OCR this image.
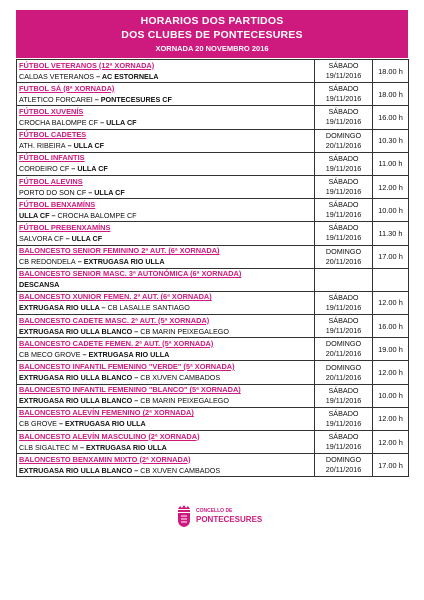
HORARIOS DOS PARTIDOS
DOS CLUBES DE PONTECESURES
XORNADA 20 NOVEMBRO 2016
FÚTBOL VETERANOS (12ª XORNADA)
CALDAS VETERANOS – AC ESTORNELA	SÁBADO
19/11/2016	18.00 h

FUTBOL SÁ (8ª XORNADA)
ATLETICO FORCAREI – PONTECESURES CF	SÁBADO
19/11/2016	18.00 h

FÚTBOL XUVENÍS
CROCHA BALOMPE CF – ULLA CF	SÁBADO
19/11/2016	16.00 h

FÚTBOL CADETES
ATH. RIBEIRA – ULLA CF	DOMINGO
20/11/2016	10.30 h

FÚTBOL INFANTIS
CORDEIRO CF – ULLA CF	SÁBADO
19/11/2016	11.00 h

FÚTBOL ALEVINS
PORTO DO SON CF – ULLA CF	SÁBADO
19/11/2016	12.00 h

FÚTBOL BENXAMÍNS
ULLA CF – CROCHA BALOMPE CF	SÁBADO
19/11/2016	10.00 h

FÚTBOL PREBENXAMÍNS
SALVORA CF – ULLA CF	SÁBADO
19/11/2016	11.30 h

BALONCESTO SENIOR FEMININO 2ª AUT. (6ª XORNADA)
CB REDONDELA – EXTRUGASA RIO ULLA	DOMINGO
20/11/2016	17.00 h

BALONCESTO SENIOR MASC. 3ª AUTONÓMICA (6ª XORNADA)
DESCANSA		

BALONCESTO XUNIOR FEMEN. 2ª AUT. (6ª XORNADA)
EXTRUGASA RIO ULLA – CB LASALLE SANTIAGO	SÁBADO
19/11/2016	12.00 h

BALONCESTO CADETE MASC. 2ª AUT. (5ª XORNADA)
EXTRUGASA RIO ULLA BLANCO – CB MARIN PEIXEGALEGO	SÁBADO
19/11/2016	16.00 h

BALONCESTO CADETE FEMEN. 2ª AUT. (5ª XORNADA)
CB MECO GROVE – EXTRUGASA RIO ULLA	DOMINGO
20/11/2016	19.00 h

BALONCESTO INFANTIL FEMENINO "VERDE" (5ª XORNADA)
EXTRUGASA RIO ULLA BLANCO – CB XUVEN CAMBADOS	DOMINGO
20/11/2016	12.00 h

BALONCESTO INFANTIL FEMENINO "BLANCO" (5ª XORNADA)
EXTRUGASA RIO ULLA BLANCO – CB MARIN PEIXEGALEGO	SÁBADO
19/11/2016	10.00 h

BALONCESTO ALEVÍN FEMENINO (2ª XORNADA)
CB GROVE – EXTRUGASA RIO ULLA	SÁBADO
19/11/2016	12.00 h

BALONCESTO ALEVÍN MASCULINO (2ª XORNADA)
CLB SIGALTEC M – EXTRUGASA RIO ULLA	SÁBADO
19/11/2016	12.00 h

BALONCESTO BENXAMIN MIXTO (2ª XORNADA)
EXTRUGASA RIO ULLA BLANCO – CB XUVEN CAMBADOS	DOMINGO
20/11/2016	17.00 h
CONCELLO DE
PONTECESURES
